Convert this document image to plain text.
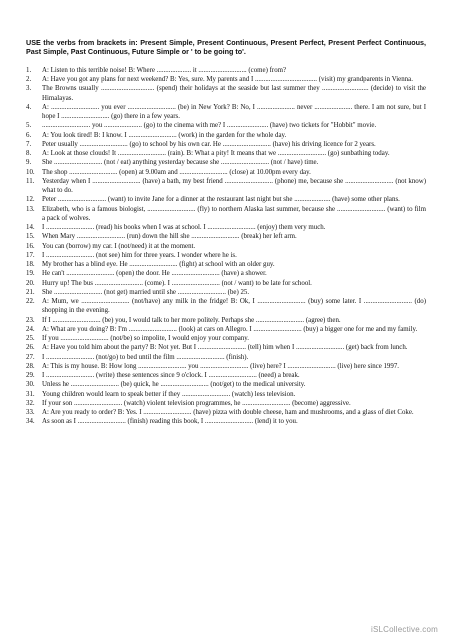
USE the verbs from brackets in: Present Simple, Present Continuous, Present Perfect, Present Perfect Continuous, Past Simple, Past Continuous, Future Simple or ' to be going to'.

1. A: Listen to this terrible noise! B: Where .................... it ............................ (come) from?
2. A: Have you got any plans for next weekend? B: Yes, sure. My parents and I .................................... (visit) my grandparents in Vienna.
3. The Browns usually ............................... (spend) their holidays at the seaside but last summer they ........................... (decide) to visit the Himalayas.
4. A: ............................ you ever ............................ (be) in New York? B: No, I ...................... never ...................... there. I am not sure, but I hope I ............................ (go) there in a few years.
5. ............................ you ...................... (go) to the cinema with me? I ........................ (have) two tickets for "Hobbit" movie.
6. A: You look tired! B: I know. I ............................ (work) in the garden for the whole day.
7. Peter usually ............................ (go) to school by his own car. He ............................ (have) his driving licence for 2 years.
8. A: Look at those clouds! It ............................ (rain). B: What a pity! It means that we ............................ (go) sunbathing today.
9. She ............................ (not / eat) anything yesterday because she ............................ (not / have) time.
10. The shop ............................ (open) at 9.00am and ............................ (close) at 10.00pm every day.
11. Yesterday when I ............................ (have) a bath, my best friend ............................ (phone) me, because she ............................ (not know) what to do.
12. Peter ............................ (want) to invite Jane for a dinner at the restaurant last night but she ..................... (have) some other plans.
13. Elizabeth, who is a famous biologist, ............................ (fly) to northern Alaska last summer, because she ............................ (want) to film a pack of wolves.
14. I ............................ (read) his books when I was at school. I ............................ (enjoy) them very much.
15. When Mary ............................ (run) down the hill she ............................ (break) her left arm.
16. You can (borrow) my car. I (not/need) it at the moment.
17. I ............................ (not see) him for three years. I wonder where he is.
18. My brother has a blind eye. He ............................ (fight) at school with an older guy.
19. He can't ............................ (open) the door. He ............................ (have) a shower.
20. Hurry up! The bus ............................ (come). I ............................ (not / want) to be late for school.
21. She ............................ (not get) married until she ............................ (be) 25.
22. A: Mum, we ............................ (not/have) any milk in the fridge! B: Ok, I ............................ (buy) some later. I ............................ (do) shopping in the evening.
23. If I ............................ (be) you, I would talk to her more politely. Perhaps she ............................ (agree) then.
24. A: What are you doing? B: I'm ............................ (look) at cars on Allegro. I ............................ (buy) a bigger one for me and my family.
25. If you ............................ (not/be) so impolite, I would enjoy your company.
26. A: Have you told him about the party? B: Not yet. But I ............................ (tell) him when I ............................ (get) back from lunch.
27. I ............................ (not/go) to bed until the film ............................ (finish).
28. A: This is my house. B: How long ............................ you ............................ (live) here? I ............................ (live) here since 1997.
29. I ............................ (write) these sentences since 9 o'clock. I ............................ (need) a break.
30. Unless he ............................ (be) quick, he ............................ (not/get) to the medical university.
31. Young children would learn to speak better if they ............................ (watch) less television.
32. If your son ............................ (watch) violent television programmes, he ............................ (become) aggressive.
33. A: Are you ready to order? B: Yes. I ............................ (have) pizza with double cheese, ham and mushrooms, and a glass of diet Coke.
34. As soon as I ............................ (finish) reading this book, I ............................ (lend) it to you.
iSLCollective.com
